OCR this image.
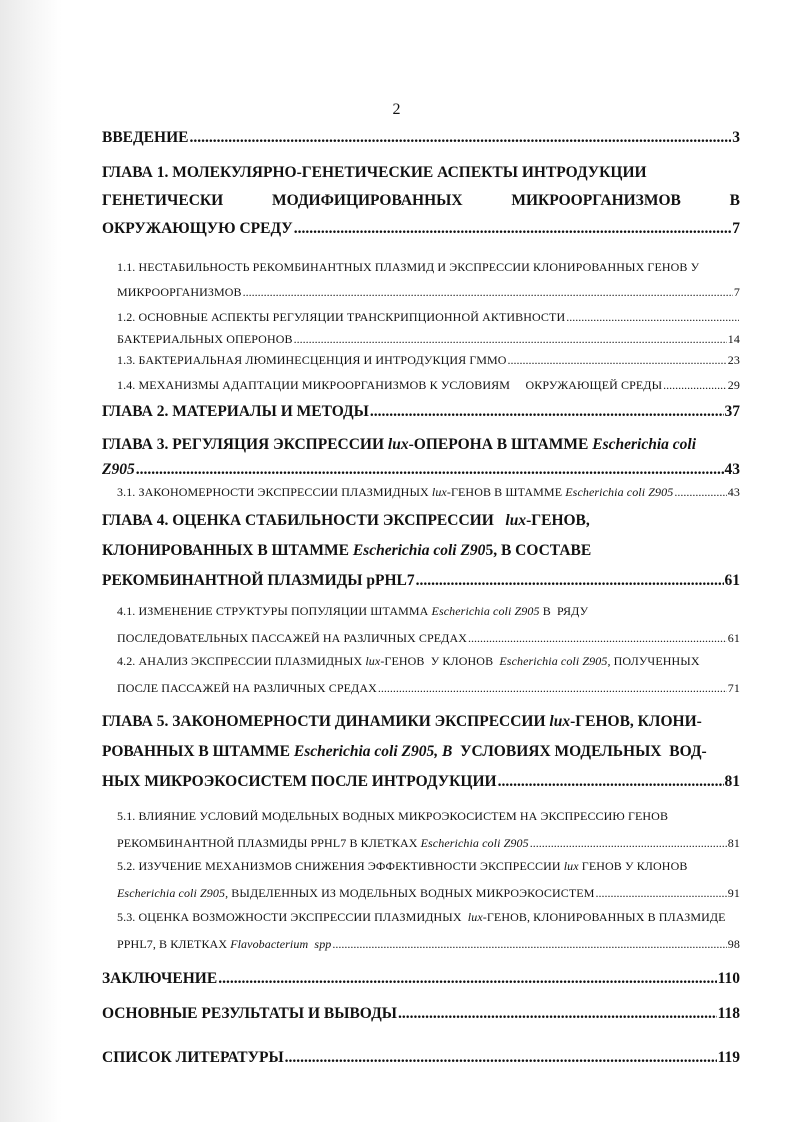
2
ВВЕДЕНИЕ .....	3
ГЛАВА 1. МОЛЕКУЛЯРНО-ГЕНЕТИЧЕСКИЕ АСПЕКТЫ ИНТРОДУКЦИИ
ГЕНЕТИЧЕСКИ	МОДИФИЦИРОВАННЫХ	МИКРООРГАНИЗМОВ	В
ОКРУЖАЮЩУЮ СРЕДУ .....	7
1.1. НЕСТАБИЛЬНОСТЬ РЕКОМБИНАНТНЫХ ПЛАЗМИД И ЭКСПРЕССИИ КЛОНИРОВАННЫХ ГЕНОВ У
МИКРООРГАНИЗМОВ .....	7
1.2. ОСНОВНЫЕ АСПЕКТЫ РЕГУЛЯЦИИ ТРАНСКРИПЦИОННОЙ АКТИВНОСТИ
.....
БАКТЕРИАЛЬНЫХ ОПЕРОНОВ .....	14
1.3. БАКТЕРИАЛЬНАЯ ЛЮМИНЕСЦЕНЦИЯ И ИНТРОДУКЦИЯ ГММО .....	23
1.4. МЕХАНИЗМЫ АДАПТАЦИИ МИКРООРГАНИЗМОВ К УСЛОВИЯМ     ОКРУЖАЮЩЕЙ СРЕДЫ .....	29
ГЛАВА 2. МАТЕРИАЛЫ И МЕТОДЫ .....	37
ГЛАВА 3. РЕГУЛЯЦИЯ ЭКСПРЕССИИ lux-ОПЕРОНА В ШТАММЕ Escherichia coli
Z905 .....	43
3.1. ЗАКОНОМЕРНОСТИ ЭКСПРЕССИИ ПЛАЗМИДНЫХ lux-ГЕНОВ В ШТАММЕ Escherichia coli Z905 .....	43
ГЛАВА 4. ОЦЕНКА СТАБИЛЬНОСТИ ЭКСПРЕССИИ   lux-ГЕНОВ,
КЛОНИРОВАННЫХ В ШТАММЕ Escherichia coli Z905, В СОСТАВЕ
РЕКОМБИНАНТНОЙ ПЛАЗМИДЫ pPHL7 .....	61
4.1. ИЗМЕНЕНИЕ СТРУКТУРЫ ПОПУЛЯЦИИ ШТАММА Escherichia coli Z905 В  РЯДУ
ПОСЛЕДОВАТЕЛЬНЫХ ПАССАЖЕЙ НА РАЗЛИЧНЫХ СРЕДАХ .....	61
4.2. АНАЛИЗ ЭКСПРЕССИИ ПЛАЗМИДНЫХ lux-ГЕНОВ  У КЛОНОВ  Escherichia coli Z905, ПОЛУЧЕННЫХ
ПОСЛЕ ПАССАЖЕЙ НА РАЗЛИЧНЫХ СРЕДАХ .....	71
ГЛАВА 5. ЗАКОНОМЕРНОСТИ ДИНАМИКИ ЭКСПРЕССИИ lux-ГЕНОВ, КЛОНИ-
РОВАННЫХ В ШТАММЕ Escherichia coli Z905, В  УСЛОВИЯХ МОДЕЛЬНЫХ  ВОД-
НЫХ МИКРОЭКОСИСТЕМ ПОСЛЕ ИНТРОДУКЦИИ .....	81
5.1. ВЛИЯНИЕ УСЛОВИЙ МОДЕЛЬНЫХ ВОДНЫХ МИКРОЭКОСИСТЕМ НА ЭКСПРЕССИЮ ГЕНОВ
РЕКОМБИНАНТНОЙ ПЛАЗМИДЫ PPHL7 В КЛЕТКАХ Escherichia coli Z905 .....	81
5.2. ИЗУЧЕНИЕ МЕХАНИЗМОВ СНИЖЕНИЯ ЭФФЕКТИВНОСТИ ЭКСПРЕССИИ lux ГЕНОВ У КЛОНОВ
Escherichia coli Z905, ВЫДЕЛЕННЫХ ИЗ МОДЕЛЬНЫХ ВОДНЫХ МИКРОЭКОСИСТЕМ .....	91
5.3. ОЦЕНКА ВОЗМОЖНОСТИ ЭКСПРЕССИИ ПЛАЗМИДНЫХ  lux-ГЕНОВ, КЛОНИРОВАННЫХ В ПЛАЗМИДЕ
PPHL7, В КЛЕТКАХ Flavobacterium  spp .....	98
ЗАКЛЮЧЕНИЕ .....	110
ОСНОВНЫЕ РЕЗУЛЬТАТЫ И ВЫВОДЫ .....	118
СПИСОК ЛИТЕРАТУРЫ .....	119
